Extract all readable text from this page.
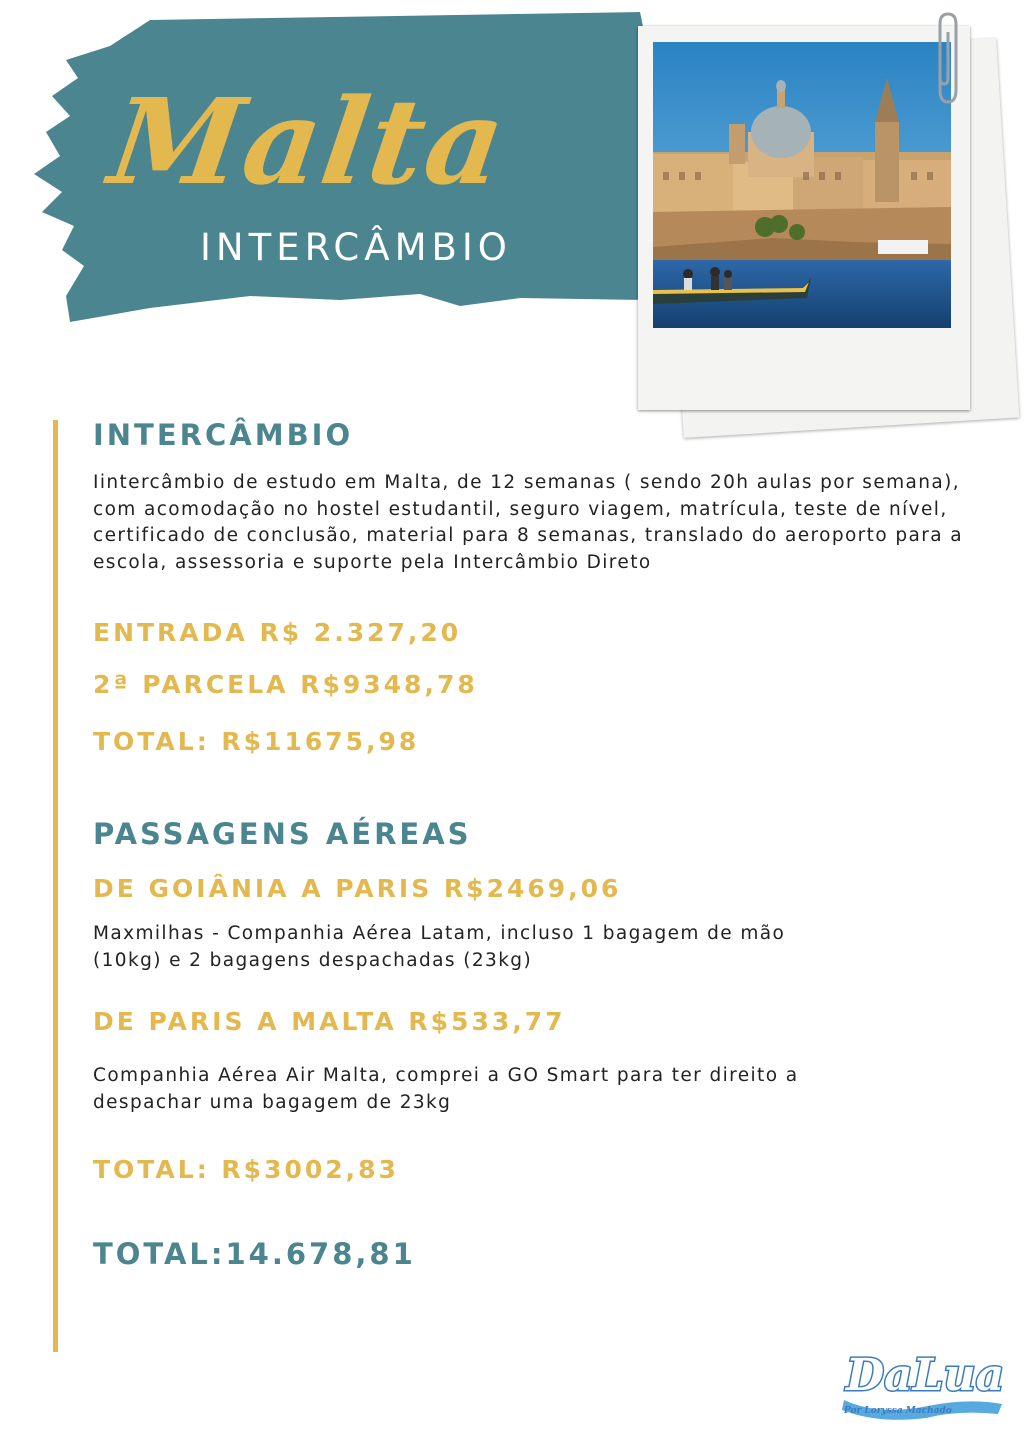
Malta
INTERCÂMBIO
INTERCÂMBIO
Iintercâmbio de estudo em Malta, de 12 semanas ( sendo 20h aulas por semana), com acomodação no hostel estudantil, seguro viagem, matrícula, teste de nível, certificado de conclusão, material para 8 semanas, translado do aeroporto para a escola, assessoria e suporte pela Intercâmbio Direto
ENTRADA R$ 2.327,20
2ª PARCELA R$9348,78
TOTAL: R$11675,98
PASSAGENS AÉREAS
DE GOIÂNIA A PARIS R$2469,06
Maxmilhas - Companhia Aérea Latam, incluso 1 bagagem de mão (10kg) e 2 bagagens despachadas (23kg)
DE PARIS A MALTA R$533,77
Companhia Aérea Air Malta, comprei a GO Smart para ter direito a despachar uma bagagem de 23kg
TOTAL: R$3002,83
TOTAL:14.678,81
DaLua
Por Loryssa Machado
